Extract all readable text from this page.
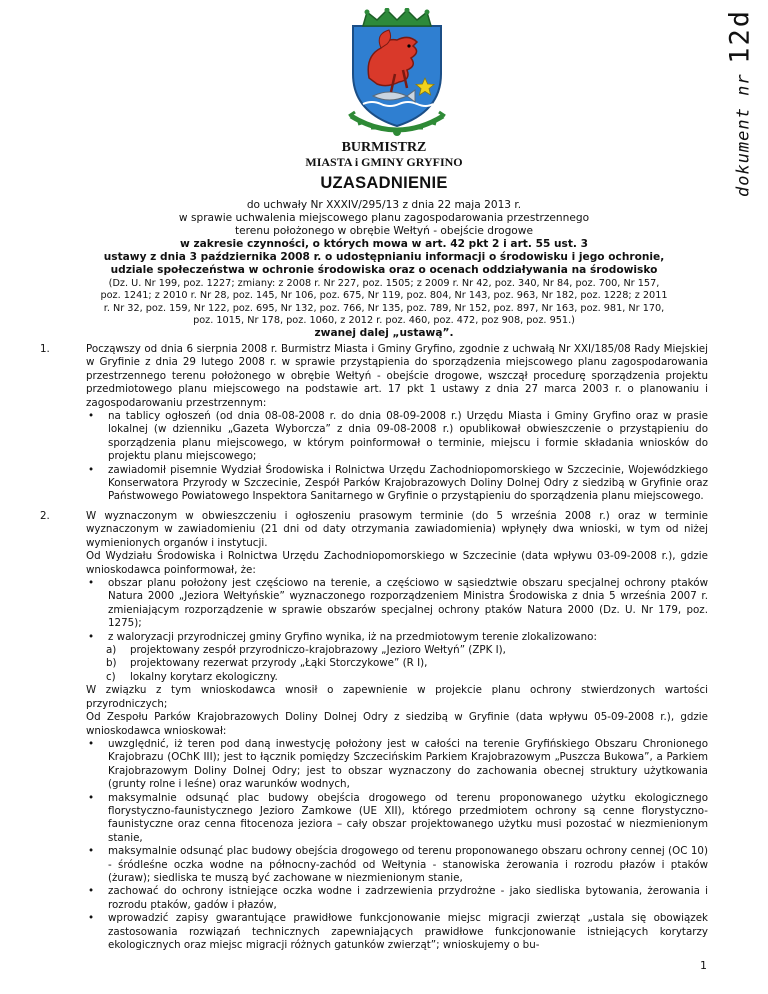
dokument nr 12d
BURMISTRZ
MIASTA i GMINY GRYFINO
UZASADNIENIE
do uchwały Nr XXXIV/295/13 z dnia 22 maja 2013 r.
w sprawie uchwalenia miejscowego planu zagospodarowania przestrzennego
terenu położonego w obrębie Wełtyń - obejście drogowe
w zakresie czynności, o których mowa w art. 42 pkt 2 i art. 55 ust. 3
ustawy z dnia 3 października 2008 r. o udostępnianiu informacji o środowisku i jego ochronie,
udziale społeczeństwa w ochronie środowiska oraz o ocenach oddziaływania na środowisko
(Dz. U. Nr 199, poz. 1227; zmiany: z 2008 r. Nr 227, poz. 1505; z 2009 r. Nr 42, poz. 340, Nr 84, poz. 700, Nr 157, poz. 1241; z 2010 r. Nr 28, poz. 145, Nr 106, poz. 675, Nr 119, poz. 804, Nr 143, poz. 963, Nr 182, poz. 1228; z 2011 r. Nr 32, poz. 159, Nr 122, poz. 695, Nr 132, poz. 766, Nr 135, poz. 789, Nr 152, poz. 897, Nr 163, poz. 981, Nr 170, poz. 1015, Nr 178, poz. 1060, z 2012 r. poz. 460, poz. 472, poz 908, poz. 951.)
zwanej dalej „ustawą”.
1.	Począwszy od dnia 6 sierpnia 2008 r. Burmistrz Miasta i Gminy Gryfino, zgodnie z uchwałą Nr XXI/185/08 Rady Miejskiej w Gryfinie z dnia 29 lutego 2008 r. w sprawie przystąpienia do sporządzenia miejscowego planu zagospodarowania przestrzennego terenu położonego w obrębie Wełtyń - obejście drogowe, wszczął procedurę sporządzenia projektu przedmiotowego planu miejscowego na podstawie art. 17 pkt 1 ustawy z dnia 27 marca 2003 r. o planowaniu i zagospodarowaniu przestrzennym:

• na tablicy ogłoszeń (od dnia 08-08-2008 r. do dnia 08-09-2008 r.) Urzędu Miasta i Gminy Gryfino oraz w prasie lokalnej (w dzienniku „Gazeta Wyborcza” z dnia 09-08-2008 r.) opublikował obwieszczenie o przystąpieniu do sporządzenia planu miejscowego, w którym poinformował o terminie, miejscu i formie składania wniosków do projektu planu miejscowego;
• zawiadomił pisemnie Wydział Środowiska i Rolnictwa Urzędu Zachodniopomorskiego w Szczecinie, Wojewódzkiego Konserwatora Przyrody w Szczecinie, Zespół Parków Krajobrazowych Doliny Dolnej Odry z siedzibą w Gryfinie oraz Państwowego Powiatowego Inspektora Sanitarnego w Gryfinie o przystąpieniu do sporządzenia planu miejscowego.
2.	W wyznaczonym w obwieszczeniu i ogłoszeniu prasowym terminie (do 5 września 2008 r.) oraz w terminie wyznaczonym w zawiadomieniu (21 dni od daty otrzymania zawiadomienia) wpłynęły dwa wnioski, w tym od niżej wymienionych organów i instytucji.

Od Wydziału Środowiska i Rolnictwa Urzędu Zachodniopomorskiego w Szczecinie (data wpływu 03-09-2008 r.), gdzie wnioskodawca poinformował, że:

• obszar planu położony jest częściowo na terenie, a częściowo w sąsiedztwie obszaru specjalnej ochrony ptaków Natura 2000 „Jeziora Wełtyńskie” wyznaczonego rozporządzeniem Ministra Środowiska z dnia 5 września 2007 r. zmieniającym rozporządzenie w sprawie obszarów specjalnej ochrony ptaków Natura 2000 (Dz. U. Nr 179, poz. 1275);
• z waloryzacji przyrodniczej gminy Gryfino wynika, iż na przedmiotowym terenie zlokalizowano:
a) projektowany zespół przyrodniczo-krajobrazowy „Jezioro Wełtyń” (ZPK I),
b) projektowany rezerwat przyrody „Łąki Storczykowe” (R I),
c) lokalny korytarz ekologiczny.

W związku z tym wnioskodawca wnosił o zapewnienie w projekcie planu ochrony stwierdzonych wartości przyrodniczych;

Od Zespołu Parków Krajobrazowych Doliny Dolnej Odry z siedzibą w Gryfinie (data wpływu 05-09-2008 r.), gdzie wnioskodawca wnioskował:

• uwzględnić, iż teren pod daną inwestycję położony jest w całości na terenie Gryfińskiego Obszaru Chronionego Krajobrazu (OChK III); jest to łącznik pomiędzy Szczecińskim Parkiem Krajobrazowym „Puszcza Bukowa”, a Parkiem Krajobrazowym Doliny Dolnej Odry; jest to obszar wyznaczony do zachowania obecnej struktury użytkowania (grunty rolne i leśne) oraz warunków wodnych,
• maksymalnie odsunąć plac budowy obejścia drogowego od terenu proponowanego użytku ekologicznego florystyczno-faunistycznego Jezioro Zamkowe (UE XII), którego przedmiotem ochrony są cenne florystyczno-faunistyczne oraz cenna fitocenoza jeziora – cały obszar projektowanego użytku musi pozostać w niezmienionym stanie,
• maksymalnie odsunąć plac budowy obejścia drogowego od terenu proponowanego obszaru ochrony cennej (OC 10) - śródleśne oczka wodne na północny-zachód od Wełtynia - stanowiska żerowania i rozrodu płazów i ptaków (żuraw); siedliska te muszą być zachowane w niezmienionym stanie,
• zachować do ochrony istniejące oczka wodne i zadrzewienia przydrożne - jako siedliska bytowania, żerowania i rozrodu ptaków, gadów i płazów,
• wprowadzić zapisy gwarantujące prawidłowe funkcjonowanie miejsc migracji zwierząt „ustala się obowiązek zastosowania rozwiązań technicznych zapewniających prawidłowe funkcjonowanie istniejących korytarzy ekologicznych oraz miejsc migracji różnych gatunków zwierząt”; wnioskujemy o bu-
1
